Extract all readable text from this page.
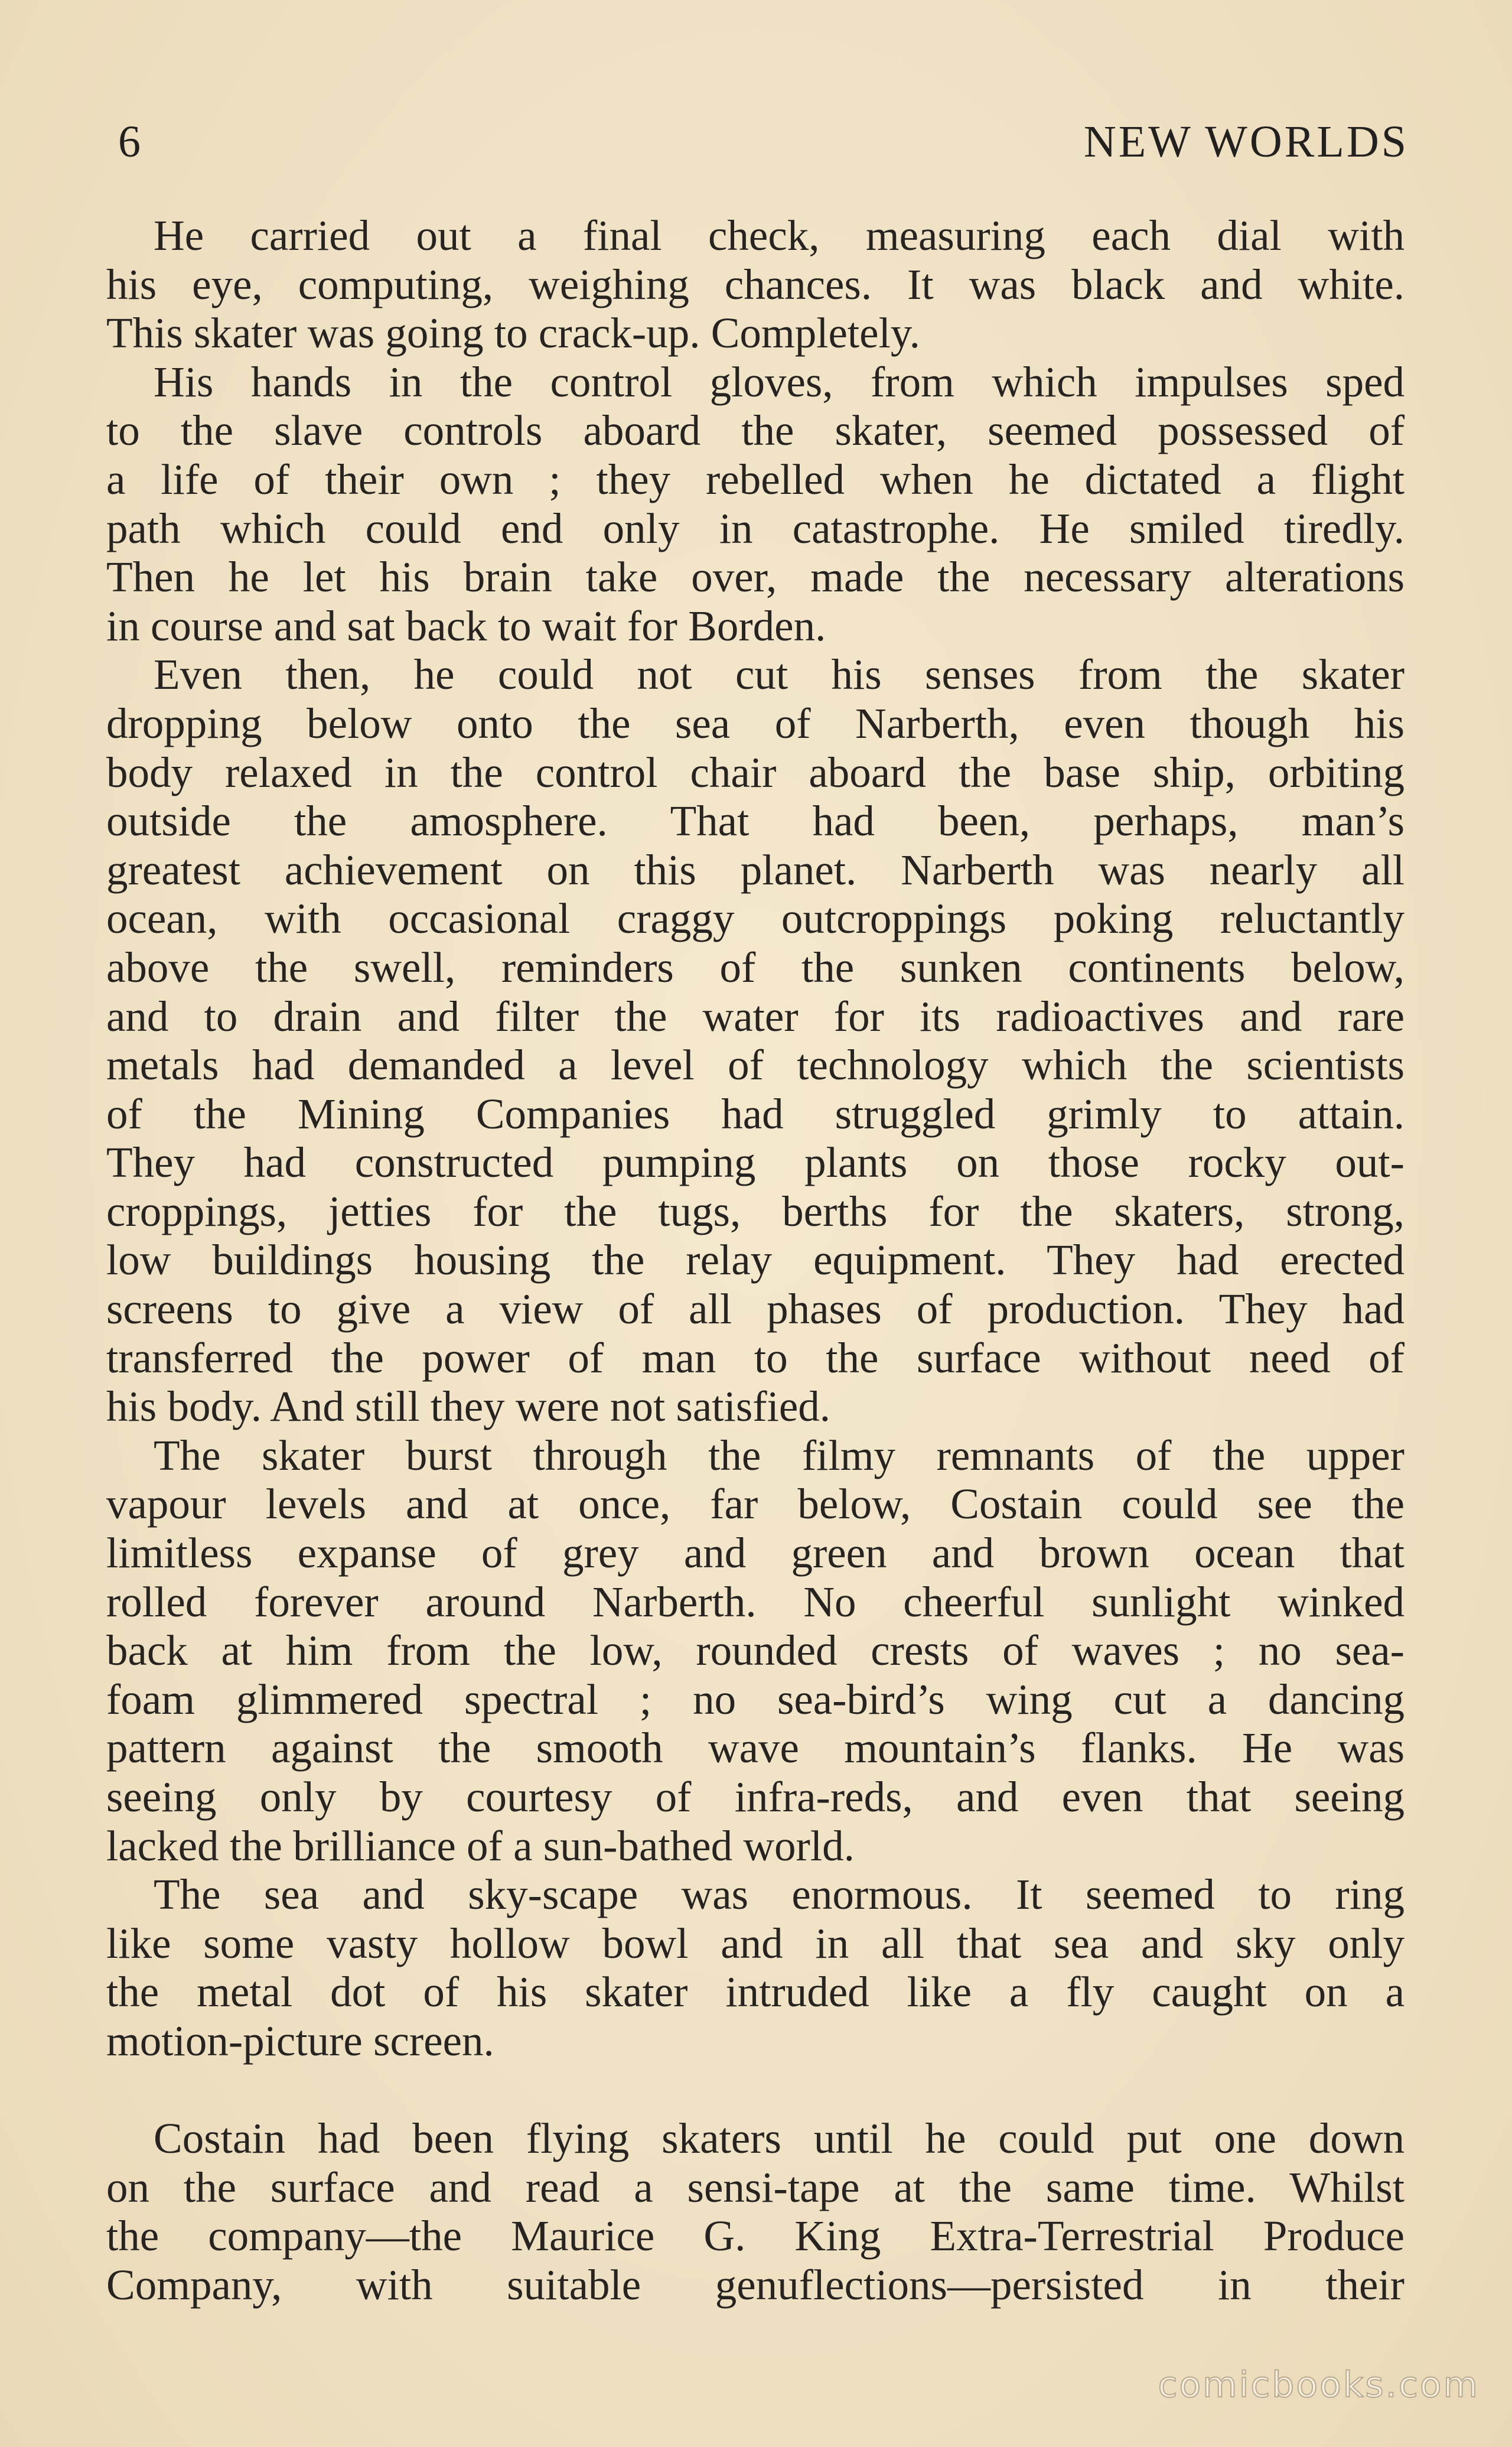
6	NEW WORLDS
He carried out a final check, measuring each dial with
his eye, computing, weighing chances. It was black and white.
This skater was going to crack-up. Completely.
His hands in the control gloves, from which impulses sped
to the slave controls aboard the skater, seemed possessed of
a life of their own ; they rebelled when he dictated a flight
path which could end only in catastrophe. He smiled tiredly.
Then he let his brain take over, made the necessary alterations
in course and sat back to wait for Borden.
Even then, he could not cut his senses from the skater
dropping below onto the sea of Narberth, even though his
body relaxed in the control chair aboard the base ship, orbiting
outside the amosphere. That had been, perhaps, man’s
greatest achievement on this planet. Narberth was nearly all
ocean, with occasional craggy outcroppings poking reluctantly
above the swell, reminders of the sunken continents below,
and to drain and filter the water for its radioactives and rare
metals had demanded a level of technology which the scientists
of the Mining Companies had struggled grimly to attain.
They had constructed pumping plants on those rocky out-
croppings, jetties for the tugs, berths for the skaters, strong,
low buildings housing the relay equipment. They had erected
screens to give a view of all phases of production. They had
transferred the power of man to the surface without need of
his body. And still they were not satisfied.
The skater burst through the filmy remnants of the upper
vapour levels and at once, far below, Costain could see the
limitless expanse of grey and green and brown ocean that
rolled forever around Narberth. No cheerful sunlight winked
back at him from the low, rounded crests of waves ; no sea-
foam glimmered spectral ; no sea-bird’s wing cut a dancing
pattern against the smooth wave mountain’s flanks. He was
seeing only by courtesy of infra-reds, and even that seeing
lacked the brilliance of a sun-bathed world.
The sea and sky-scape was enormous. It seemed to ring
like some vasty hollow bowl and in all that sea and sky only
the metal dot of his skater intruded like a fly caught on a
motion-picture screen.
Costain had been flying skaters until he could put one down
on the surface and read a sensi-tape at the same time. Whilst
the company—the Maurice G. King Extra-Terrestrial Produce
Company, with suitable genuflections—persisted in their
comicbooks.com
